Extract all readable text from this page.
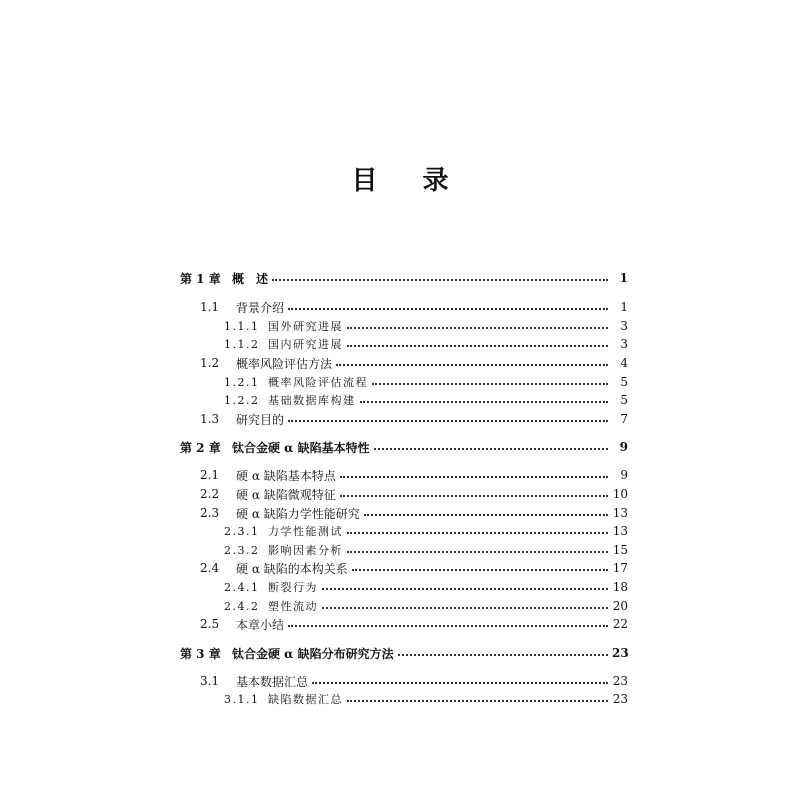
目 录
第 1 章 概　述	1
1.1	背景介绍	1
1.1.1 国外研究进展	3
1.1.2 国内研究进展	3
1.2	概率风险评估方法	4
1.2.1 概率风险评估流程	5
1.2.2 基础数据库构建	5
1.3	研究目的	7
第 2 章 钛合金硬 α 缺陷基本特性	9
2.1	硬 α 缺陷基本特点	9
2.2	硬 α 缺陷微观特征	10
2.3	硬 α 缺陷力学性能研究	13
2.3.1 力学性能测试	13
2.3.2 影响因素分析	15
2.4	硬 α 缺陷的本构关系	17
2.4.1 断裂行为	18
2.4.2 塑性流动	20
2.5	本章小结	22
第 3 章 钛合金硬 α 缺陷分布研究方法	23
3.1	基本数据汇总	23
3.1.1 缺陷数据汇总	23
